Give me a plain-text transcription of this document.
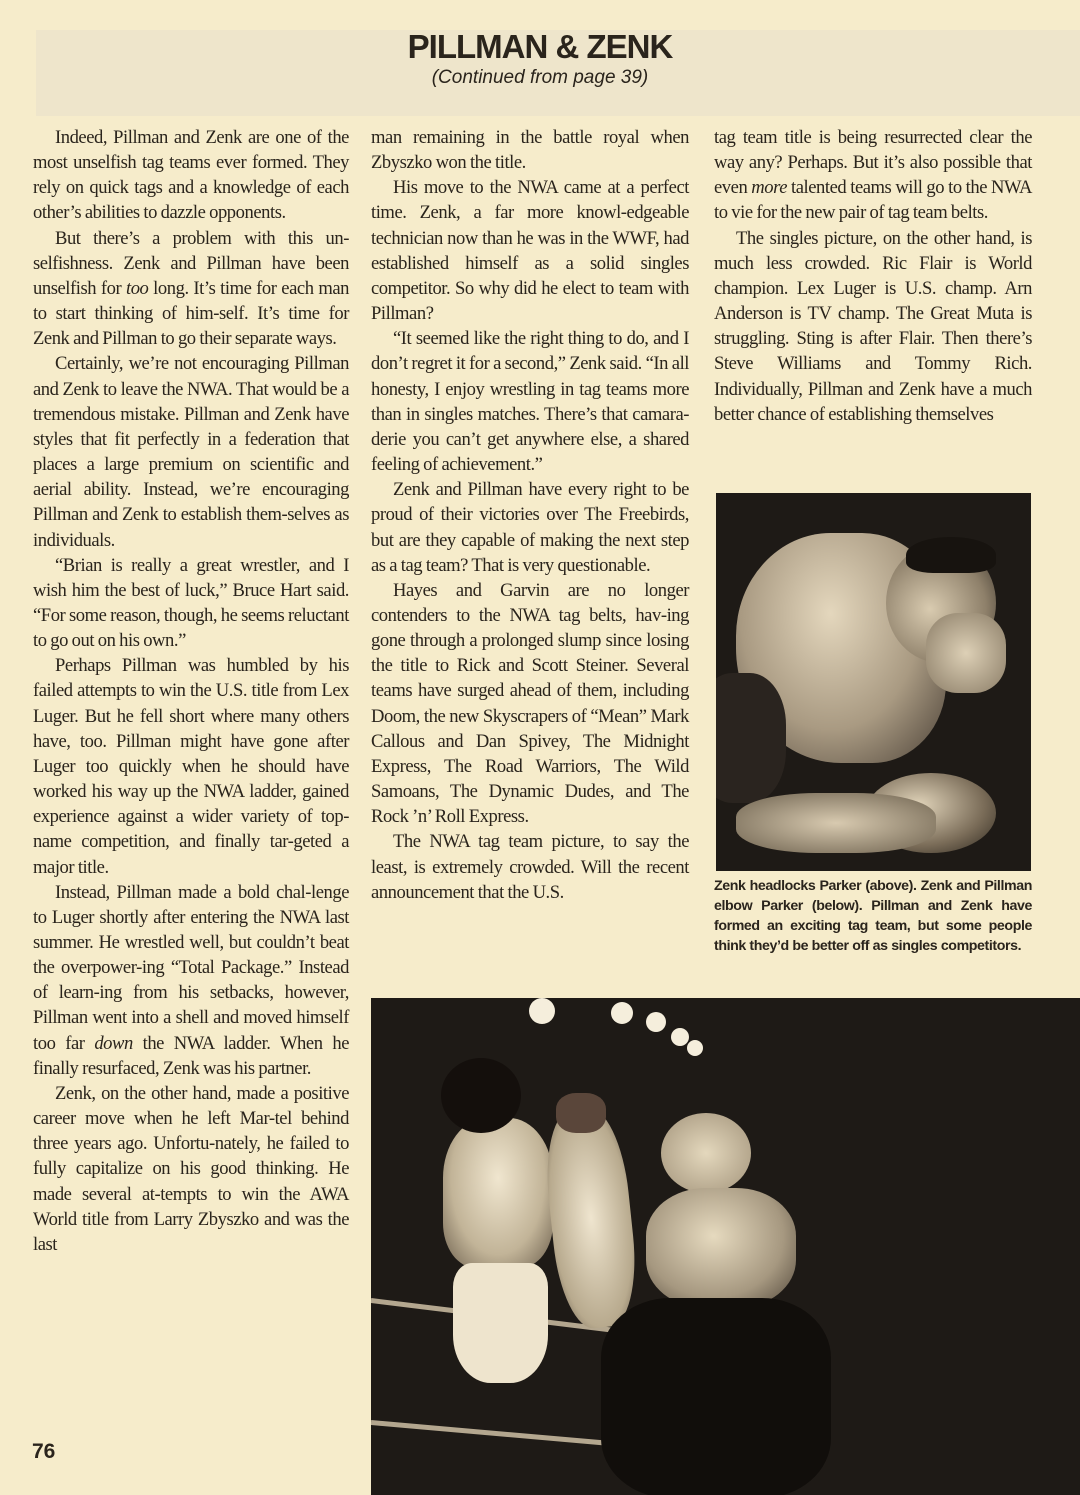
PILLMAN & ZENK
(Continued from page 39)

Indeed, Pillman and Zenk are one of the most unselfish tag teams ever formed. They rely on quick tags and a knowledge of each other’s abilities to dazzle opponents.

But there’s a problem with this un-selfishness. Zenk and Pillman have been unselfish for too long. It’s time for each man to start thinking of him-self. It’s time for Zenk and Pillman to go their separate ways.

Certainly, we’re not encouraging Pillman and Zenk to leave the NWA. That would be a tremendous mistake. Pillman and Zenk have styles that fit perfectly in a federation that places a large premium on scientific and aerial ability. Instead, we’re encouraging Pillman and Zenk to establish them-selves as individuals.

“Brian is really a great wrestler, and I wish him the best of luck,” Bruce Hart said. “For some reason, though, he seems reluctant to go out on his own.”

Perhaps Pillman was humbled by his failed attempts to win the U.S. title from Lex Luger. But he fell short where many others have, too. Pillman might have gone after Luger too quickly when he should have worked his way up the NWA ladder, gained experience against a wider variety of top-name competition, and finally tar-geted a major title.

Instead, Pillman made a bold chal-lenge to Luger shortly after entering the NWA last summer. He wrestled well, but couldn’t beat the overpower-ing “Total Package.” Instead of learn-ing from his setbacks, however, Pillman went into a shell and moved himself too far down the NWA ladder. When he finally resurfaced, Zenk was his partner.

Zenk, on the other hand, made a positive career move when he left Mar-tel behind three years ago. Unfortu-nately, he failed to fully capitalize on his good thinking. He made several at-tempts to win the AWA World title from Larry Zbyszko and was the last

man remaining in the battle royal when Zbyszko won the title.

His move to the NWA came at a perfect time. Zenk, a far more knowl-edgeable technician now than he was in the WWF, had established himself as a solid singles competitor. So why did he elect to team with Pillman?

“It seemed like the right thing to do, and I don’t regret it for a second,” Zenk said. “In all honesty, I enjoy wrestling in tag teams more than in singles matches. There’s that camara-derie you can’t get anywhere else, a shared feeling of achievement.”

Zenk and Pillman have every right to be proud of their victories over The Freebirds, but are they capable of making the next step as a tag team? That is very questionable.

Hayes and Garvin are no longer contenders to the NWA tag belts, hav-ing gone through a prolonged slump since losing the title to Rick and Scott Steiner. Several teams have surged ahead of them, including Doom, the new Skyscrapers of “Mean” Mark Callous and Dan Spivey, The Midnight Express, The Road Warriors, The Wild Samoans, The Dynamic Dudes, and The Rock ’n’ Roll Express.

The NWA tag team picture, to say the least, is extremely crowded. Will the recent announcement that the U.S.

tag team title is being resurrected clear the way any? Perhaps. But it’s also possible that even more talented teams will go to the NWA to vie for the new pair of tag team belts.

The singles picture, on the other hand, is much less crowded. Ric Flair is World champion. Lex Luger is U.S. champ. Arn Anderson is TV champ. The Great Muta is struggling. Sting is after Flair. Then there’s Steve Williams and Tommy Rich. Individually, Pillman and Zenk have a much better chance of establishing themselves

Zenk headlocks Parker (above). Zenk and Pillman elbow Parker (below). Pillman and Zenk have formed an exciting tag team, but some people think they’d be better off as singles competitors.
76
